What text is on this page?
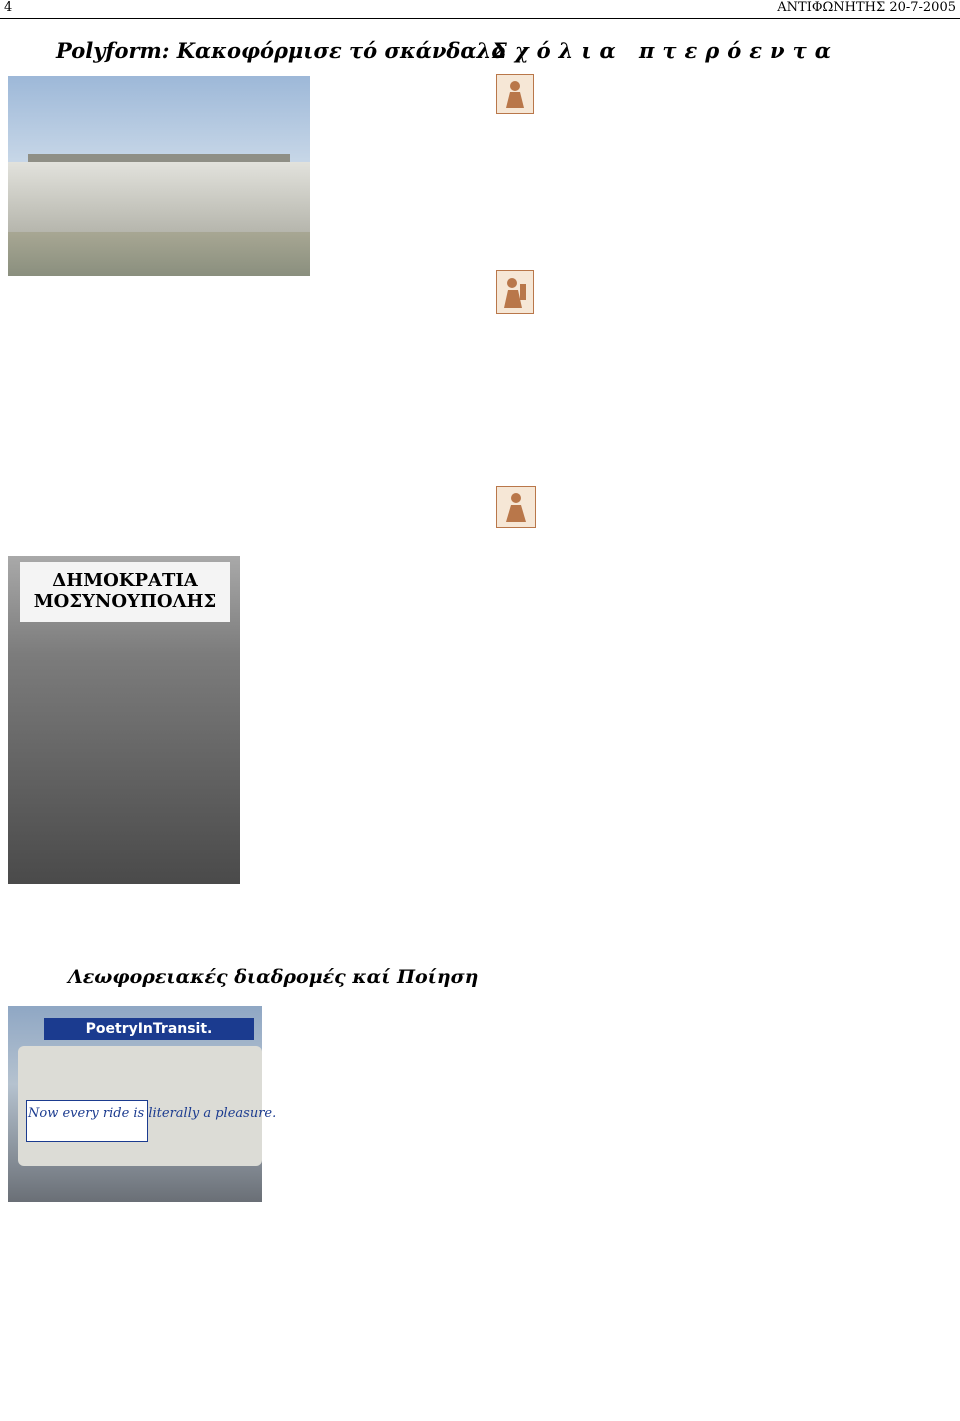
4	ΑΝΤΙΦΩΝΗΤΗΣ 20-7-2005
Polyform: Κακοφόρμισε τό σκάνδαλο
ΔΗΜΟΚΡΑΤΙΑ
ΜΟΣΥΝΟΥΠΟΛΗΣ
Σχόλια πτερόεντα
Λεωφορειακές διαδρομές καί Ποίηση
PoetryInTransit.
Now every ride is literally a pleasure.
